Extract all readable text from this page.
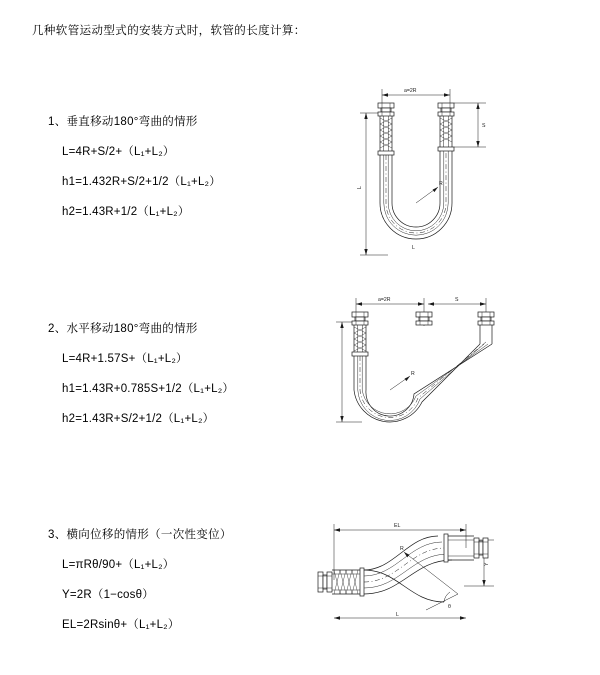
几种软管运动型式的安装方式时，软管的长度计算：

1、垂直移动180°弯曲的情形

L=4R+S/2+（L₁+L₂）

h1=1.432R+S/2+1/2（L₁+L₂）

h2=1.43R+1/2（L₁+L₂）

a=2R
S
L
R
L

2、水平移动180°弯曲的情形

L=4R+1.57S+（L₁+L₂）

h1=1.43R+0.785S+1/2（L₁+L₂）

h2=1.43R+S/2+1/2（L₁+L₂）

a=2R	S
R

3、横向位移的情形（一次性变位）

L=πRθ/90+（L₁+L₂）

Y=2R（1−cosθ）

EL=2Rsinθ+（L₁+L₂）

EL
Y
R
θ
L
